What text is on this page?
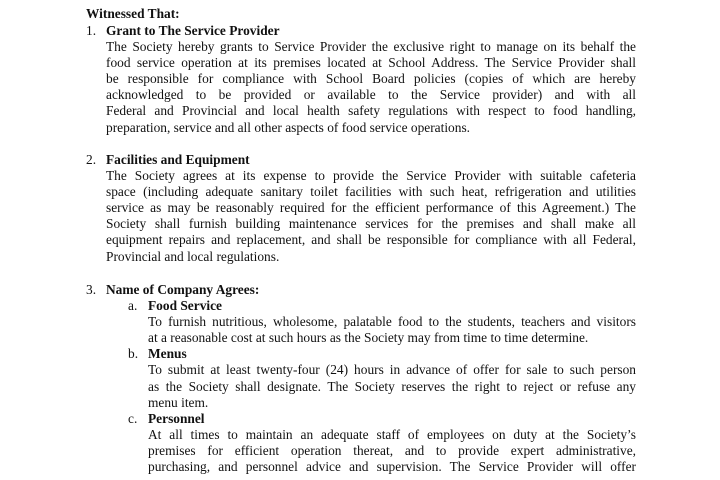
Witnessed That:
1. Grant to The Service Provider
The Society hereby grants to Service Provider the exclusive right to manage on its behalf the
food service operation at its premises located at School Address. The Service Provider shall
be responsible for compliance with School Board policies (copies of which are hereby
acknowledged to be provided or available to the Service provider) and with all
Federal and Provincial and local health safety regulations with respect to food handling,
preparation, service and all other aspects of food service operations.
2. Facilities and Equipment
The Society agrees at its expense to provide the Service Provider with suitable cafeteria
space (including adequate sanitary toilet facilities with such heat, refrigeration and utilities
service as may be reasonably required for the efficient performance of this Agreement.) The
Society shall furnish building maintenance services for the premises and shall make all
equipment repairs and replacement, and shall be responsible for compliance with all Federal,
Provincial and local regulations.
3. Name of Company Agrees:
a. Food Service
To furnish nutritious, wholesome, palatable food to the students, teachers and visitors
at a reasonable cost at such hours as the Society may from time to time determine.
b. Menus
To submit at least twenty-four (24) hours in advance of offer for sale to such person
as the Society shall designate. The Society reserves the right to reject or refuse any
menu item.
c. Personnel
At all times to maintain an adequate staff of employees on duty at the Society’s
premises for efficient operation thereat, and to provide expert administrative,
purchasing, and personnel advice and supervision. The Service Provider will offer
